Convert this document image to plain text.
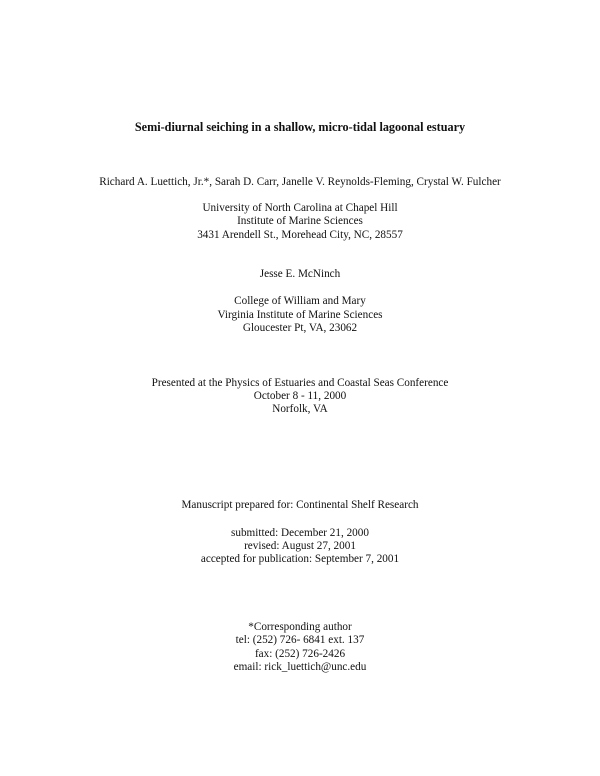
Semi-diurnal seiching in a shallow, micro-tidal lagoonal estuary
Richard A. Luettich, Jr.*, Sarah D. Carr, Janelle V. Reynolds-Fleming, Crystal W. Fulcher
University of North Carolina at Chapel Hill
Institute of Marine Sciences
3431 Arendell St., Morehead City, NC, 28557
Jesse E. McNinch
College of William and Mary
Virginia Institute of Marine Sciences
Gloucester Pt, VA, 23062
Presented at the Physics of Estuaries and Coastal Seas Conference
October 8 - 11, 2000
Norfolk, VA
Manuscript prepared for: Continental Shelf Research
submitted: December 21, 2000
revised: August 27, 2001
accepted for publication: September 7, 2001
*Corresponding author
tel: (252) 726- 6841 ext. 137
fax: (252) 726-2426
email: rick_luettich@unc.edu
